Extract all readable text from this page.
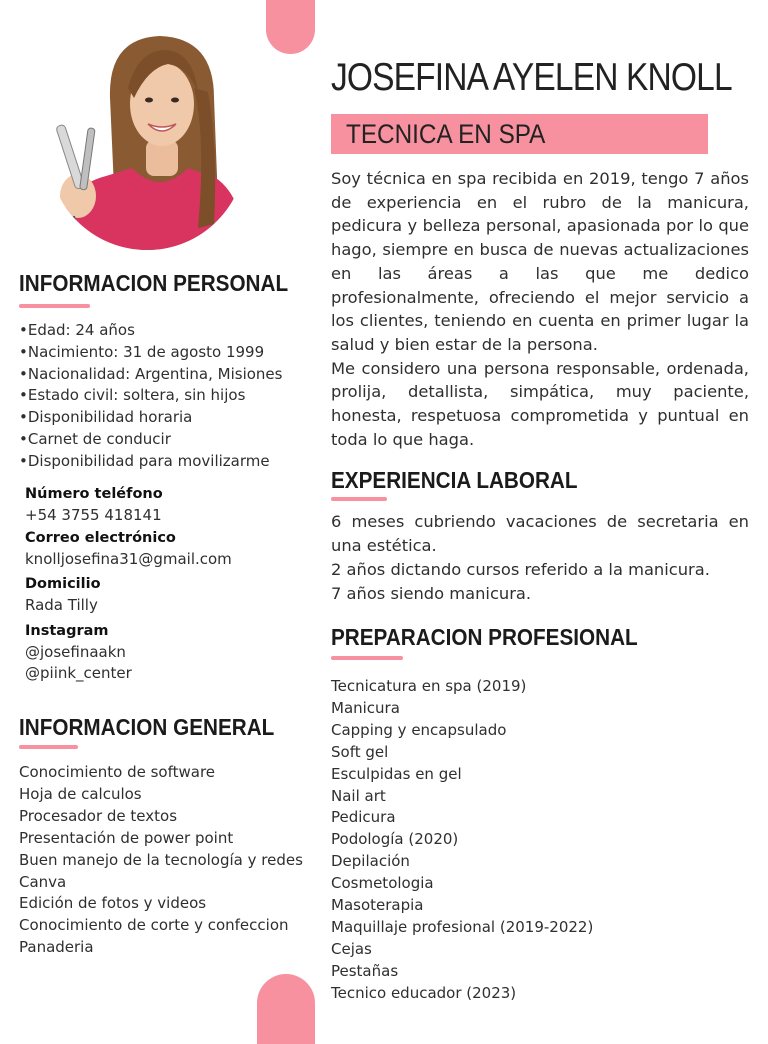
JOSEFINA AYELEN KNOLL
TECNICA EN SPA

Soy técnica en spa recibida en 2019, tengo 7 años de experiencia en el rubro de la manicura, pedicura y belleza personal, apasionada por lo que hago, siempre en busca de nuevas actualizaciones en las áreas a las que me dedico profesionalmente, ofreciendo el mejor servicio a los clientes, teniendo en cuenta en primer lugar la salud y bien estar de la persona.

Me considero una persona responsable, ordenada, prolija, detallista, simpática, muy paciente, honesta, respetuosa comprometida y puntual en toda lo que haga.

INFORMACION PERSONAL
•Edad: 24 años
•Nacimiento: 31 de agosto 1999
•Nacionalidad: Argentina, Misiones
•Estado civil: soltera, sin hijos
•Disponibilidad horaria
•Carnet de conducir
•Disponibilidad para movilizarme
Número teléfono
+54 3755 418141
Correo electrónico
knolljosefina31@gmail.com
Domicilio
Rada Tilly
Instagram
@josefinaakn
@piink_center
INFORMACION GENERAL
Conocimiento de software
Hoja de calculos
Procesador de textos
Presentación de power point
Buen manejo de la tecnología y redes
Canva
Edición de fotos y videos
Conocimiento de corte y confeccion
Panaderia
EXPERIENCIA LABORAL

6 meses cubriendo vacaciones de secretaria en una estética.

2 años dictando cursos referido a la manicura.

7 años siendo manicura.

PREPARACION PROFESIONAL
Tecnicatura en spa (2019)
Manicura
Capping y encapsulado
Soft gel
Esculpidas en gel
Nail art
Pedicura
Podología (2020)
Depilación
Cosmetologia
Masoterapia
Maquillaje profesional (2019-2022)
Cejas
Pestañas
Tecnico educador (2023)
